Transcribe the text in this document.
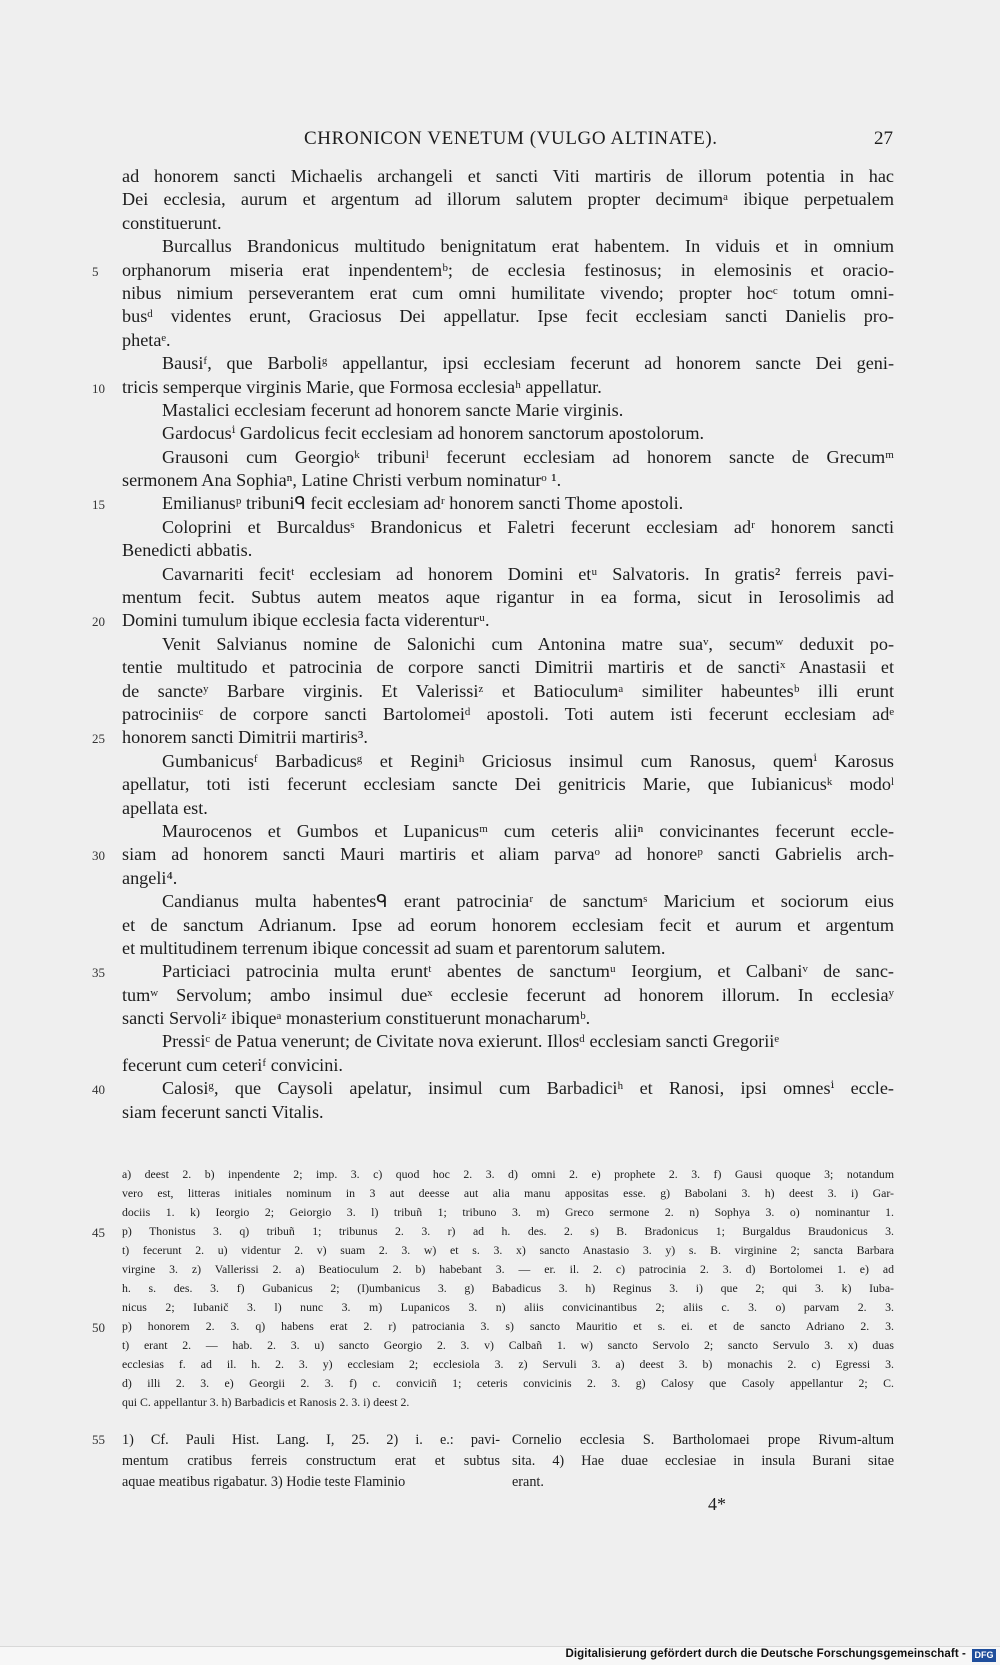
CHRONICON VENETUM (VULGO ALTINATE).	27
ad honorem sancti Michaelis archangeli et sancti Viti martiris de illorum potentia in hac
Dei ecclesia, aurum et argentum ad illorum salutem propter decimumᵃ ibique perpetualem
constituerunt.
Burcallus Brandonicus multitudo benignitatum erat habentem. In viduis et in omnium
5	orphanorum miseria erat inpendentemᵇ; de ecclesia festinosus; in elemosinis et oracio-
nibus nimium perseverantem erat cum omni humilitate vivendo; propter hocᶜ totum omni-
busᵈ videntes erunt, Graciosus Dei appellatur. Ipse fecit ecclesiam sancti Danielis pro-
phetaᵉ.
Bausiᶠ, que Barboliᵍ appellantur, ipsi ecclesiam fecerunt ad honorem sancte Dei geni-
10 tricis semperque virginis Marie, que Formosa ecclesiaʰ appellatur.
Mastalici ecclesiam fecerunt ad honorem sancte Marie virginis.
Gardocusⁱ Gardolicus fecit ecclesiam ad honorem sanctorum apostolorum.
Grausoni cum Georgioᵏ tribuniˡ fecerunt ecclesiam ad honorem sancte de Grecumᵐ
sermonem Ana Sophiaⁿ, Latine Christi verbum nominaturᵒ ¹.
15	Emilianusᵖ tribuniᑫ fecit ecclesiam adʳ honorem sancti Thome apostoli.
Coloprini et Burcaldusˢ Brandonicus et Faletri fecerunt ecclesiam adʳ honorem sancti
Benedicti abbatis.
Cavarnariti fecitᵗ ecclesiam ad honorem Domini etᵘ Salvatoris. In gratis² ferreis pavi-
mentum fecit. Subtus autem meatos aque rigantur in ea forma, sicut in Ierosolimis ad
20 Domini tumulum ibique ecclesia facta viderenturᵘ.
Venit Salvianus nomine de Salonichi cum Antonina matre suaᵛ, secumʷ deduxit po-
tentie multitudo et patrocinia de corpore sancti Dimitrii martiris et de sanctiˣ Anastasii et
de sancteʸ Barbare virginis. Et Valerissiᶻ et Batioculumᵃ similiter habeuntesᵇ illi erunt
patrociniisᶜ de corpore sancti Bartolomeiᵈ apostoli. Toti autem isti fecerunt ecclesiam adᵉ
25 honorem sancti Dimitrii martiris³.
Gumbanicusᶠ Barbadicusᵍ et Reginiʰ Griciosus insimul cum Ranosus, quemⁱ Karosus
apellatur, toti isti fecerunt ecclesiam sancte Dei genitricis Marie, que Iubianicusᵏ modoˡ
apellata est.
Maurocenos et Gumbos et Lupanicusᵐ cum ceteris aliiⁿ convicinantes fecerunt eccle-
30 siam ad honorem sancti Mauri martiris et aliam parvaᵒ ad honoreᵖ sancti Gabrielis arch-
angeli⁴.
Candianus multa habentesᑫ erant patrociniaʳ de sanctumˢ Maricium et sociorum eius
et de sanctum Adrianum. Ipse ad eorum honorem ecclesiam fecit et aurum et argentum
et multitudinem terrenum ibique concessit ad suam et parentorum salutem.
35	Particiaci patrocinia multa eruntᵗ abentes de sanctumᵘ Ieorgium, et Calbaniᵛ de sanc-
tumʷ Servolum; ambo insimul dueˣ ecclesie fecerunt ad honorem illorum. In ecclesiaʸ
sancti Servoliᶻ ibiqueᵃ monasterium constituerunt monacharumᵇ.
Pressiᶜ de Patua venerunt; de Civitate nova exierunt. Illosᵈ ecclesiam sancti Gregoriiᵉ
fecerunt cum ceteriᶠ convicini.
40	Calosiᵍ, que Caysoli apelatur, insimul cum Barbadiciʰ et Ranosi, ipsi omnesⁱ eccle-
siam fecerunt sancti Vitalis.
a) deest 2. b) inpendente 2; imp. 3. c) quod hoc 2. 3. d) omni 2. e) prophete 2. 3. f) Gausi quoque 3; notandum
vero est, litteras initiales nominum in 3 aut deesse aut alia manu appositas esse. g) Babolani 3. h) deest 3. i) Gar-
dociis 1. k) Ieorgio 2; Geiorgio 3. l) tribuñ 1; tribuno 3. m) Greco sermone 2. n) Sophya 3. o) nominantur 1.
45 p) Thonistus 3. q) tribuñ 1; tribunus 2. 3. r) ad h. des. 2. s) B. Bradonicus 1; Burgaldus Braudonicus 3.
t) fecerunt 2. u) videntur 2. v) suam 2. 3. w) et s. 3. x) sancto Anastasio 3. y) s. B. virginine 2; sancta Barbara
virgine 3. z) Vallerissi 2. a) Beatioculum 2. b) habebant 3. — er. il. 2. c) patrocinia 2. 3. d) Bortolomei 1. e) ad
h. s. des. 3. f) Gubanicus 2; (I)umbanicus 3. g) Babadicus 3. h) Reginus 3. i) que 2; qui 3. k) Iuba-
nicus 2; Iubanič 3. l) nunc 3. m) Lupanicos 3. n) aliis convicinantibus 2; aliis c. 3. o) parvam 2. 3.
50 p) honorem 2. 3. q) habens erat 2. r) patrociania 3. s) sancto Mauritio et s. ei. et de sancto Adriano 2. 3.
t) erant 2. — hab. 2. 3. u) sancto Georgio 2. 3. v) Calbañ 1. w) sancto Servolo 2; sancto Servulo 3. x) duas
ecclesias f. ad il. h. 2. 3. y) ecclesiam 2; ecclesiola 3. z) Servuli 3. a) deest 3. b) monachis 2. c) Egressi 3.
d) illi 2. 3. e) Georgii 2. 3. f) c. conviciñ 1; ceteris convicinis 2. 3. g) Calosy que Casoly appellantur 2; C.
qui C. appellantur 3. h) Barbadicis et Ranosis 2. 3. i) deest 2.
55 1) Cf. Pauli Hist. Lang. I, 25. 2) i. e.: pavi-
mentum cratibus ferreis constructum erat et subtus
aquae meatibus rigabatur. 3) Hodie teste Flaminio
Cornelio ecclesia S. Bartholomaei prope Rivum-altum
sita. 4) Hae duae ecclesiae in insula Burani sitae
erant.
4*
Digitalisierung gefördert durch die Deutsche Forschungsgemeinschaft - DFG
